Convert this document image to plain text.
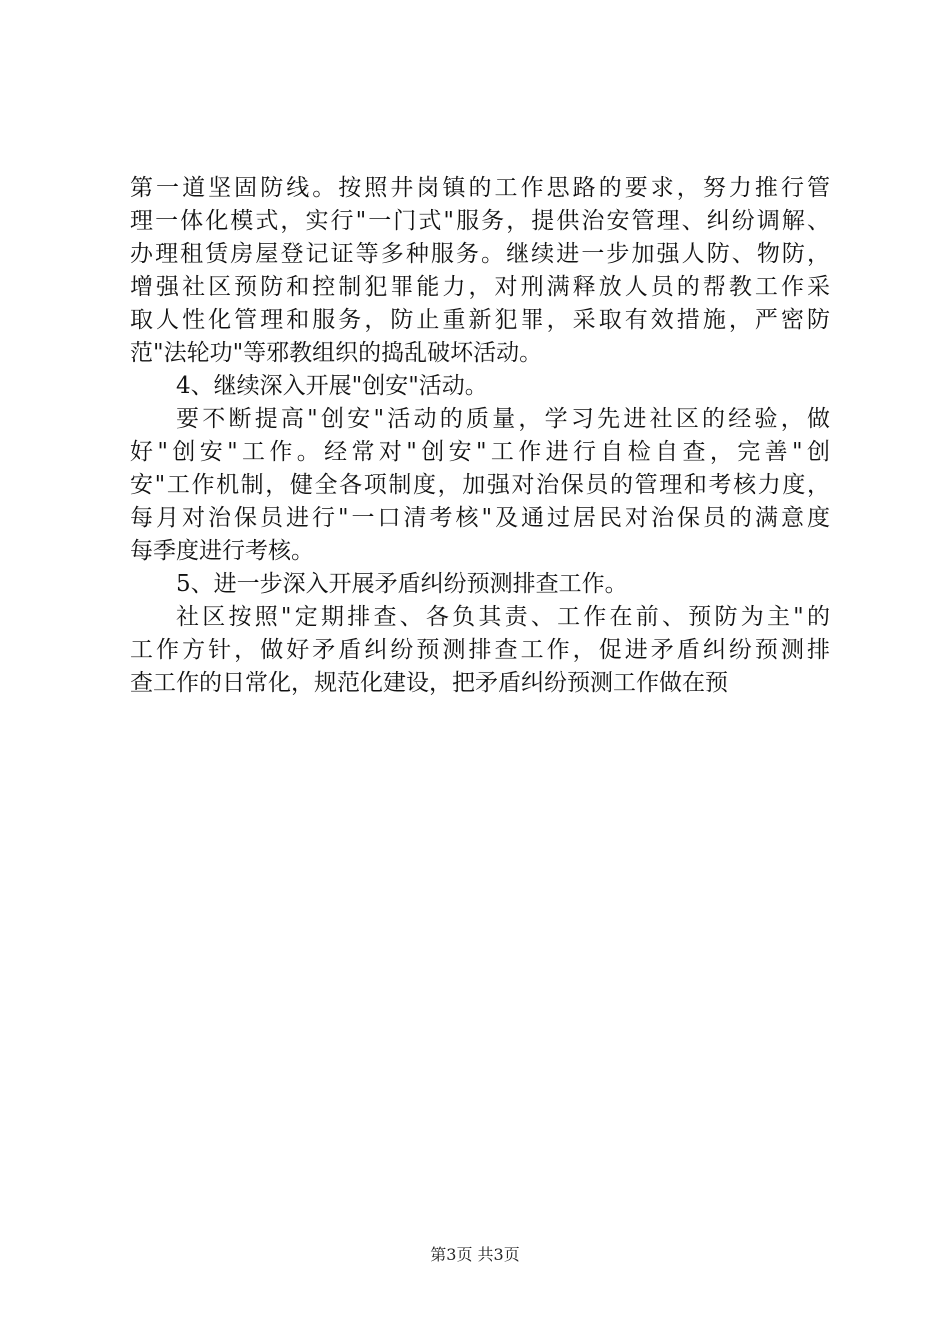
第一道坚固防线。按照井岗镇的工作思路的要求，努力推行管
理一体化模式，实行"一门式"服务，提供治安管理、纠纷调解、
办理租赁房屋登记证等多种服务。继续进一步加强人防、物防，
增强社区预防和控制犯罪能力，对刑满释放人员的帮教工作采
取人性化管理和服务，防止重新犯罪，采取有效措施，严密防
范"法轮功"等邪教组织的捣乱破坏活动。
4、继续深入开展"创安"活动。
要不断提高"创安"活动的质量，学习先进社区的经验，做
好"创安"工作。经常对"创安"工作进行自检自查，完善"创
安"工作机制，健全各项制度，加强对治保员的管理和考核力度，
每月对治保员进行"一口清考核"及通过居民对治保员的满意度
每季度进行考核。
5、进一步深入开展矛盾纠纷预测排查工作。
社区按照"定期排查、各负其责、工作在前、预防为主"的
工作方针，做好矛盾纠纷预测排查工作，促进矛盾纠纷预测排
查工作的日常化，规范化建设，把矛盾纠纷预测工作做在预
第3页 共3页
